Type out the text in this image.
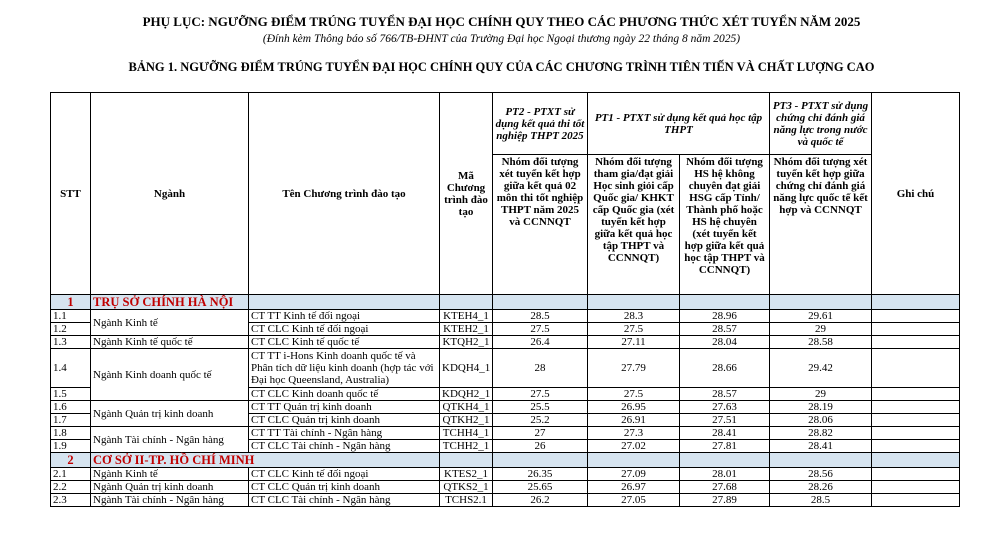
PHỤ LỤC: NGƯỠNG ĐIỂM TRÚNG TUYỂN ĐẠI HỌC CHÍNH QUY THEO CÁC PHƯƠNG THỨC XÉT TUYỂN NĂM 2025
(Đính kèm Thông báo số 766/TB-ĐHNT của Trường Đại học Ngoại thương ngày 22 tháng 8 năm 2025)
BẢNG 1. NGƯỠNG ĐIỂM TRÚNG TUYỂN ĐẠI HỌC CHÍNH QUY CỦA CÁC CHƯƠNG TRÌNH TIÊN TIẾN VÀ CHẤT LƯỢNG CAO
STT	Ngành	Tên Chương trình đào tạo	Mã Chương trình đào tạo	PT2 - PTXT sử dụng kết quả thi tốt nghiệp THPT 2025	PT1 - PTXT sử dụng kết quả học tập THPT		PT3 - PTXT sử dụng chứng chỉ đánh giá năng lực trong nước và quốc tế	Ghi chú
				Nhóm đối tượng xét tuyển kết hợp giữa kết quả 02 môn thi tốt nghiệp THPT năm 2025 và CCNNQT	Nhóm đối tượng tham gia/đạt giải Học sinh giỏi cấp Quốc gia/ KHKT cấp Quốc gia (xét tuyển kết hợp giữa kết quả học tập THPT và CCNNQT)	Nhóm đối tượng HS hệ không chuyên đạt giải HSG cấp Tỉnh/ Thành phố hoặc HS hệ chuyên (xét tuyển kết hợp giữa kết quả học tập THPT và CCNNQT)	Nhóm đối tượng xét tuyển kết hợp giữa chứng chỉ đánh giá năng lực quốc tế kết hợp và CCNNQT	
1	TRỤ SỞ CHÍNH HÀ NỘI							
1.1	Ngành Kinh tế	CT TT Kinh tế đối ngoại	KTEH4_1	28.5	28.3	28.96	29.61	
1.2		CT CLC Kinh tế đối ngoại	KTEH2_1	27.5	27.5	28.57	29	
1.3	Ngành Kinh tế quốc tế	CT CLC Kinh tế quốc tế	KTQH2_1	26.4	27.11	28.04	28.58	
1.4	Ngành Kinh doanh quốc tế	CT TT i-Hons Kinh doanh quốc tế và Phân tích dữ liệu kinh doanh (hợp tác với Đại học Queensland, Australia)	KDQH4_1	28	27.79	28.66	29.42	
1.5		CT CLC Kinh doanh quốc tế	KDQH2_1	27.5	27.5	28.57	29	
1.6	Ngành Quản trị kinh doanh	CT TT Quản trị kinh doanh	QTKH4_1	25.5	26.95	27.63	28.19	
1.7		CT CLC Quản trị kinh doanh	QTKH2_1	25.2	26.91	27.51	28.06	
1.8	Ngành Tài chính - Ngân hàng	CT TT Tài chính - Ngân hàng	TCHH4_1	27	27.3	28.41	28.82	
1.9		CT CLC Tài chính - Ngân hàng	TCHH2_1	26	27.02	27.81	28.41	
2	CƠ SỞ II-TP. HỒ CHÍ MINH							
2.1	Ngành Kinh tế	CT CLC Kinh tế đối ngoại	KTES2_1	26.35	27.09	28.01	28.56	
2.2	Ngành Quản trị kinh doanh	CT CLC Quản trị kinh doanh	QTKS2_1	25.65	26.97	27.68	28.26	
2.3	Ngành Tài chính - Ngân hàng	CT CLC Tài chính - Ngân hàng	TCHS2.1	26.2	27.05	27.89	28.5	
